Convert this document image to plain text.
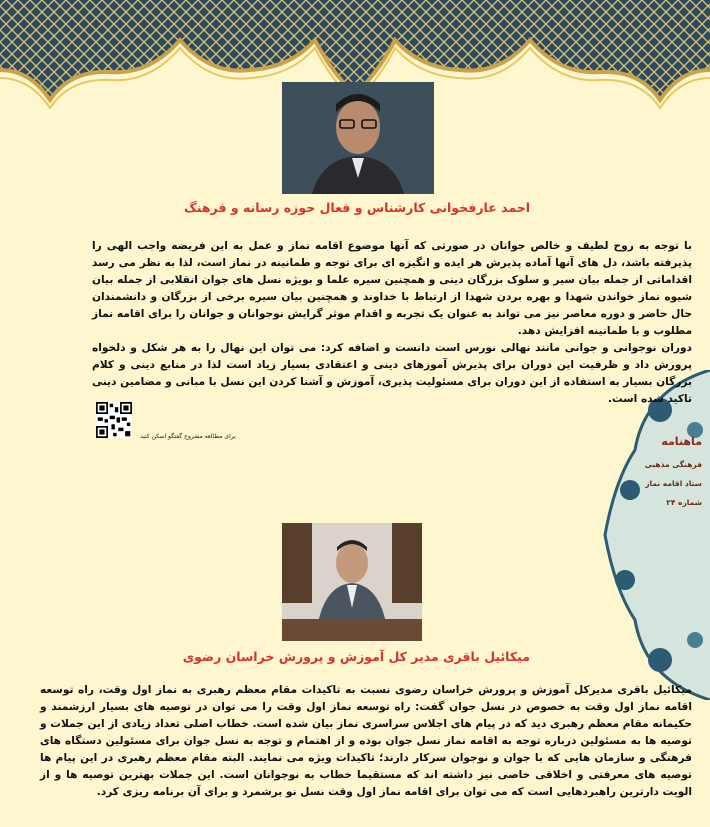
احمد عارفخوانی کارشناس و فعال حوزه رسانه و فرهنگ

با توجه به روح لطیف و خالص جوانان در صورتی که آنها موضوع اقامه نماز و عمل به این فریضه واجب الهی را پذیرفته باشد، دل های آنها آماده پذیرش هر ایده و انگیزه ای برای توجه و طمانینه در نماز است، لذا به نظر می رسد اقداماتی از جمله بیان سیر و سلوک بزرگان دینی و همچنین سیره علما و بویژه نسل های جوان انقلابی از جمله بیان شیوه نماز خواندن شهدا و بهره بردن شهدا از ارتباط با خداوند و همچنین بیان سیره برخی از بزرگان و دانشمندان حال حاضر و دوره معاصر نیز می تواند به عنوان یک تجربه و اقدام موثر گرایش نوجوانان و جوانان را برای اقامه نماز مطلوب و با طمانینه افزایش دهد.

دوران نوجوانی و جوانی مانند نهالی نورس است دانست و اضافه کرد: می توان این نهال را به هر شکل و دلخواه پرورش داد و ظرفیت این دوران برای پذیرش آموزهای دینی و اعتقادی بسیار زیاد است لذا در منابع دینی و کلام بزرگان بسیار به استفاده از این دوران برای مسئولیت پذیری، آموزش و آشنا کردن این نسل با مبانی و مضامین دینی تاکید شده است.

برای مطالعه مشروح گفتگو اسکن کنید	ماهنامه
فرهنگی مذهبی
ستاد اقامه نماز
شماره ۲۴
میکائیل باقری مدیر کل آموزش و پرورش خراسان رضوی

میکائیل باقری مدیرکل آموزش و پرورش خراسان رضوی نسبت به تاکیدات مقام معظم رهبری به نماز اول وقت، راه توسعه اقامه نماز اول وقت به خصوص در نسل جوان گفت: راه توسعه نماز اول وقت را می توان در توصیه های بسیار ارزشمند و حکیمانه مقام معظم رهبری دید که در پیام های اجلاس سراسری نماز بیان شده است. خطاب اصلی تعداد زیادی از این جملات و توصیه ها به مسئولین درباره توجه به اقامه نماز نسل جوان بوده و از اهتمام و توجه به نسل جوان برای مسئولین دستگاه های فرهنگی و سازمان هایی که با جوان و نوجوان سرکار دارند؛ تاکیدات ویژه می نمایند. البته مقام معظم رهبری در این پیام ها توصیه های معرفتی و اخلاقی خاصی نیز داشته اند که مستقیما خطاب به نوجوانان است. این جملات بهترین توصیه ها و از الویت دارترین راهبردهایی است که می توان برای اقامه نماز اول وقت نسل نو برشمرد و برای آن برنامه ریزی کرد.
